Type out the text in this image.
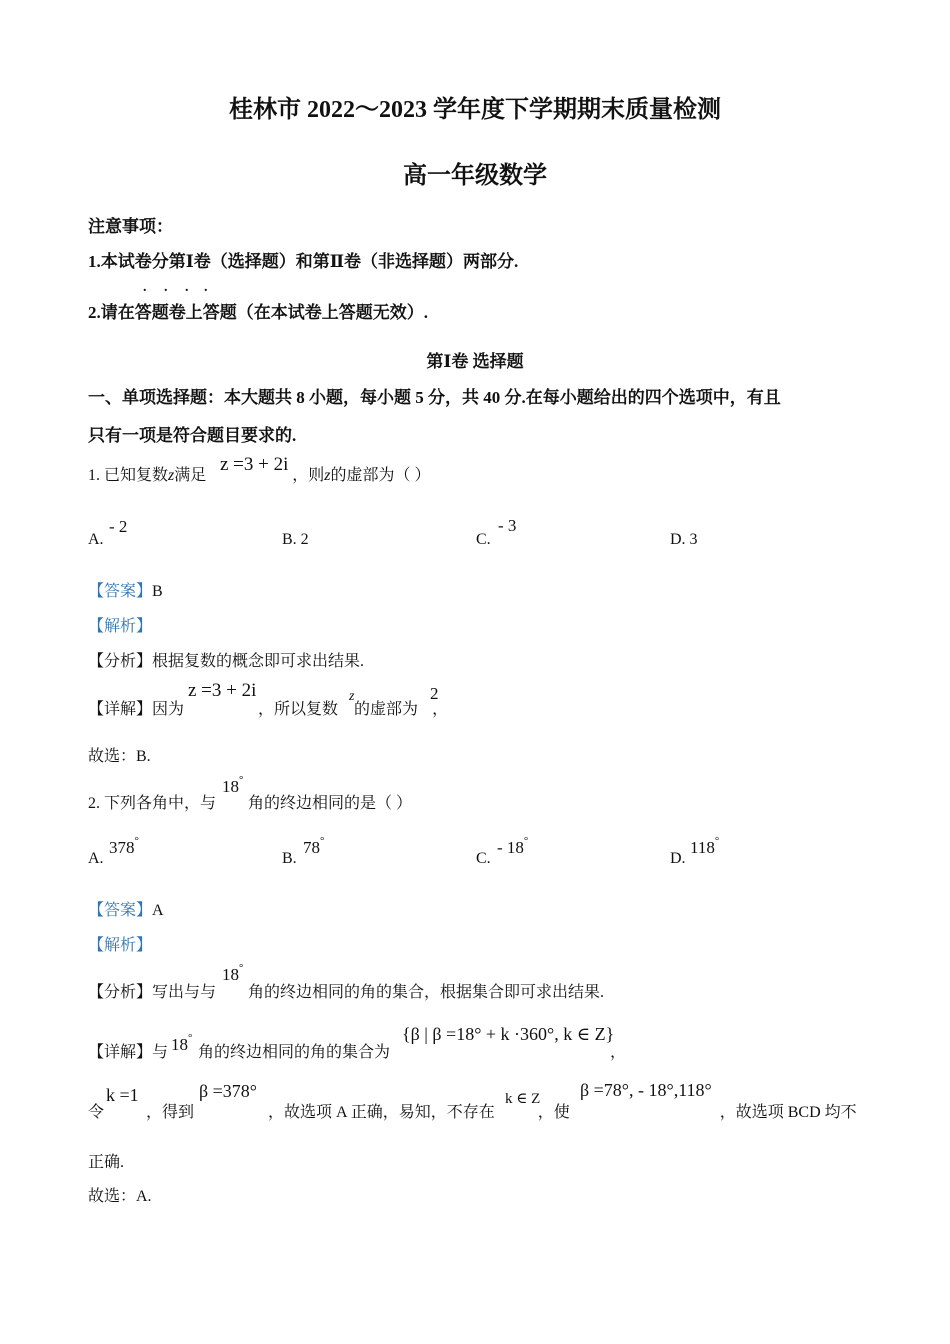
桂林市 2022～2023 学年度下学期期末质量检测
高一年级数学
注意事项：
1.本试卷分第Ⅰ卷（选择题）和第Ⅱ卷（非选择题）两部分.
. . . .
2.请在答题卷上答题（在本试卷上答题无效）.
第Ⅰ卷 选择题
一、单项选择题：本大题共 8 小题，每小题 5 分，共 40 分.在每小题给出的四个选项中，有且
只有一项是符合题目要求的.
1. 已知复数z满足	，则z的虚部为（ ）
z =3 + 2i
A.
- 2
B. 2	C.
- 3
D. 3
【答案】B
【解析】
【分析】根据复数的概念即可求出结果.
【详解】因为	，所以复数 的虚部为 ，
z =3 + 2i	z	2
故选：B.
2. 下列各角中，与 角的终边相同的是（ ）
18°
A.
378°
B.
78°
C.
- 18°
D.
118°
【答案】A
【解析】
【分析】写出与与 角的终边相同的角的集合，根据集合即可求出结果.
18°
【详解】与 角的终边相同的角的集合为	，
18°	{β | β =18° + k ·360°, k ∈ Z}
令	，得到	，故选项 A 正确，易知，不存在	，使	，故选项 BCD 均不
k =1	β =378°	k ∈ Z β =78°, - 18°,118°
正确.
故选：A.
